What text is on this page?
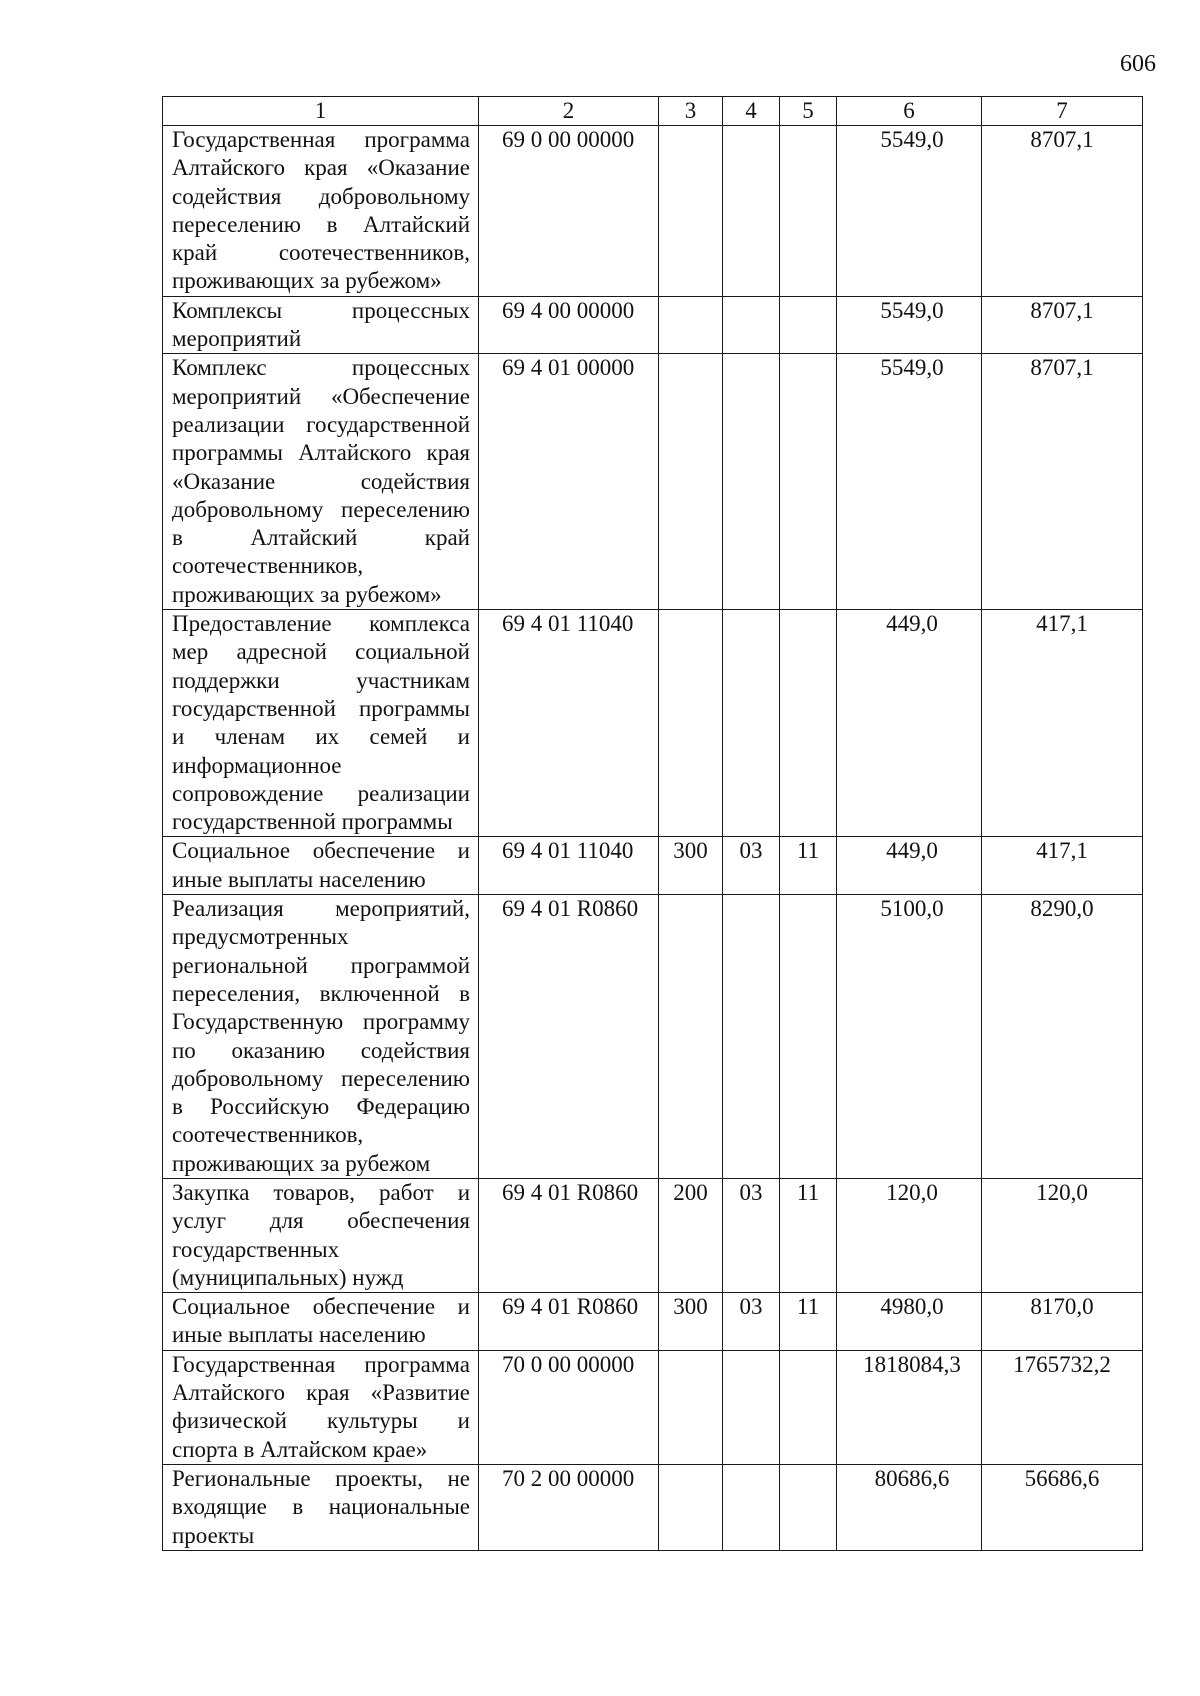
606
1	2	3	4	5	6	7
Государственная программа Алтайского края «Оказание содействия добровольному переселению в Алтайский край соотечественников, проживающих за рубежом»	69 0 00 00000				5549,0	8707,1
Комплексы процессных мероприятий	69 4 00 00000				5549,0	8707,1
Комплекс процессных мероприятий «Обеспечение реализации государственной программы Алтайского края «Оказание содействия добровольному переселению в Алтайский край соотечественников, проживающих за рубежом»	69 4 01 00000				5549,0	8707,1
Предоставление комплекса мер адресной социальной поддержки участникам государственной программы и членам их семей и информационное сопровождение реализации государственной программы	69 4 01 11040				449,0	417,1
Социальное обеспечение и иные выплаты населению	69 4 01 11040	300	03	11	449,0	417,1
Реализация мероприятий, предусмотренных региональной программой переселения, включенной в Государственную программу по оказанию содействия добровольному переселению в Российскую Федерацию соотечественников, проживающих за рубежом	69 4 01 R0860				5100,0	8290,0
Закупка товаров, работ и услуг для обеспечения государственных (муниципальных) нужд	69 4 01 R0860	200	03	11	120,0	120,0
Социальное обеспечение и иные выплаты населению	69 4 01 R0860	300	03	11	4980,0	8170,0
Государственная программа Алтайского края «Развитие физической культуры и спорта в Алтайском крае»	70 0 00 00000				1818084,3	1765732,2
Региональные проекты, не входящие в национальные проекты	70 2 00 00000				80686,6	56686,6
